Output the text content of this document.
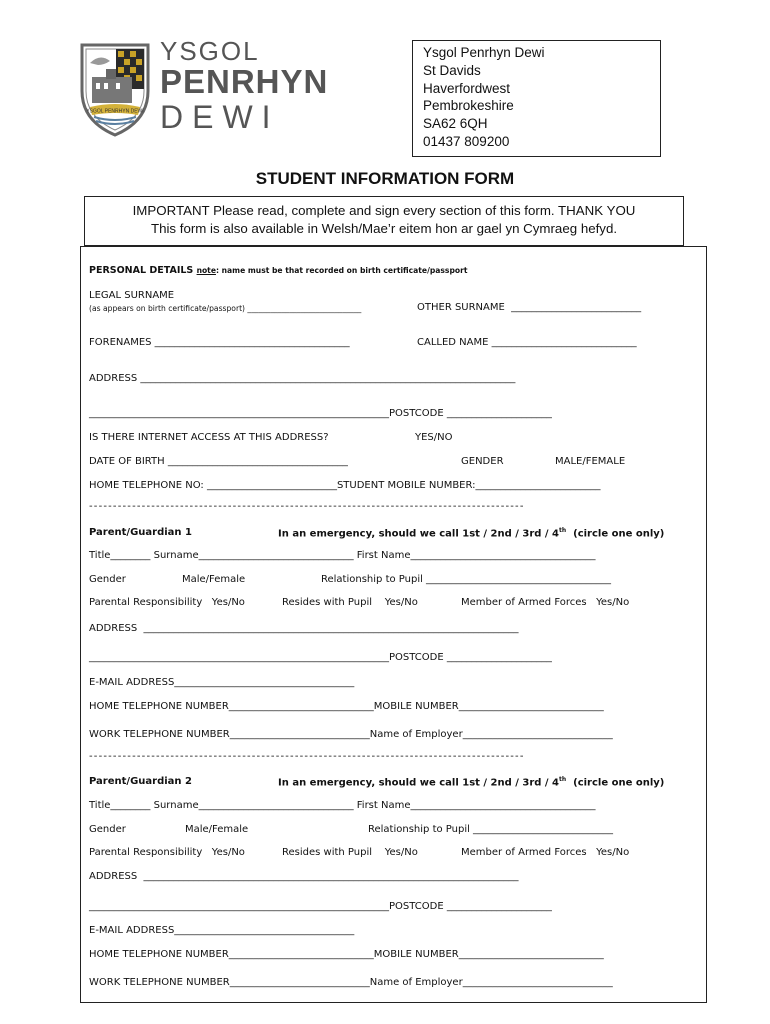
YSGOL PENRHYN DEWI
YSGOL
PENRHYN
DEWI
Ysgol Penrhyn Dewi
St Davids
Haverfordwest
Pembrokeshire
SA62 6QH
01437 809200
STUDENT INFORMATION FORM
IMPORTANT Please read, complete and sign every section of this form. THANK YOU
This form is also available in Welsh/Mae’r eitem hon ar gael yn Cymraeg hefyd.
PERSONAL DETAILS note: name must be that recorded on birth certificate/passport
LEGAL SURNAME
(as appears on birth certificate/passport) ______________________________	OTHER SURNAME  __________________________
FORENAMES _______________________________________	CALLED NAME _____________________________
ADDRESS ___________________________________________________________________________
____________________________________________________________POSTCODE _____________________
IS THERE INTERNET ACCESS AT THIS ADDRESS?	YES/NO
DATE OF BIRTH ____________________________________	GENDER	MALE/FEMALE
HOME TELEPHONE NO: __________________________STUDENT MOBILE NUMBER:_________________________
- - - - - - - - - - - - - - - - - - - - - - - - - - - - - - - - - - - - - - - - - - - - - - - - - - - - - - - - - - - - - - - - - - - - - - - - - - - - - - - - - - - - - - - - - - -
Parent/Guardian 1	In an emergency, should we call 1st / 2nd / 3rd / 4th  (circle one only)
Title________ Surname_______________________________ First Name_____________________________________
Gender	Male/Female	Relationship to Pupil _____________________________________
Parental Responsibility   Yes/No	Resides with Pupil    Yes/No	Member of Armed Forces   Yes/No
ADDRESS  ___________________________________________________________________________
____________________________________________________________POSTCODE _____________________
E-MAIL ADDRESS____________________________________
HOME TELEPHONE NUMBER_____________________________MOBILE NUMBER_____________________________
WORK TELEPHONE NUMBER____________________________Name of Employer______________________________
- - - - - - - - - - - - - - - - - - - - - - - - - - - - - - - - - - - - - - - - - - - - - - - - - - - - - - - - - - - - - - - - - - - - - - - - - - - - - - - - - - - - - - - - - - -
Parent/Guardian 2	In an emergency, should we call 1st / 2nd / 3rd / 4th  (circle one only)
Title________ Surname_______________________________ First Name_____________________________________
Gender	Male/Female	Relationship to Pupil ____________________________
Parental Responsibility   Yes/No	Resides with Pupil    Yes/No	Member of Armed Forces   Yes/No
ADDRESS  ___________________________________________________________________________
____________________________________________________________POSTCODE _____________________
E-MAIL ADDRESS____________________________________
HOME TELEPHONE NUMBER_____________________________MOBILE NUMBER_____________________________
WORK TELEPHONE NUMBER____________________________Name of Employer______________________________
